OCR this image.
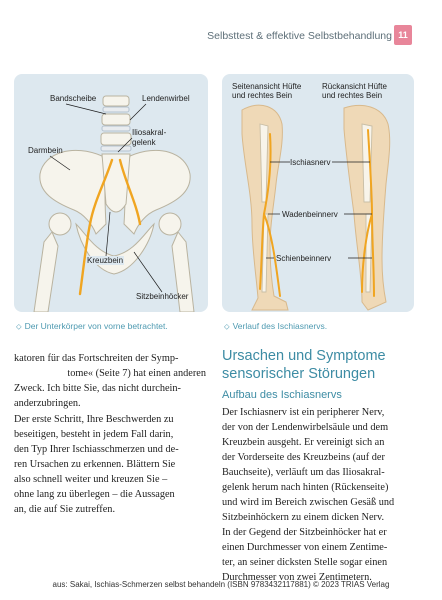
Selbsttest & effektive Selbstbehandlung 11
Bandscheibe	Lendenwirbel
Iliosakral-
gelenk
Darmbein
Kreuzbein
Sitzbeinhöcker
Seitenansicht Hüfte
und rechtes Bein
Rückansicht Hüfte
und rechtes Bein
Ischiasnerv
Wadenbeinnerv
Schienbeinnerv
⬦ Der Unterkörper von vorne betrachtet.	⬦ Verlauf des Ischiasnervs.
katoren für das Fortschreiten der Symp-
tome« (Seite 7) hat einen anderen
Zweck. Ich bitte Sie, das nicht durchein-
anderzubringen.
Der erste Schritt, Ihre Beschwerden zu
beseitigen, besteht in jedem Fall darin,
den Typ Ihrer Ischiasschmerzen und de-
ren Ursachen zu erkennen. Blättern Sie
also schnell weiter und kreuzen Sie –
ohne lang zu überlegen – die Aussagen
an, die auf Sie zutreffen.
Ursachen und Symptome
sensorischer Störungen
Aufbau des Ischiasnervs
Der Ischiasnerv ist ein peripherer Nerv,
der von der Lendenwirbelsäule und dem
Kreuzbein ausgeht. Er vereinigt sich an
der Vorderseite des Kreuzbeins (auf der
Bauchseite), verläuft um das Iliosakral-
gelenk herum nach hinten (Rückenseite)
und wird im Bereich zwischen Gesäß und
Sitzbeinhöckern zu einem dicken Nerv.
In der Gegend der Sitzbeinhöcker hat er
einen Durchmesser von einem Zentime-
ter, an seiner dicksten Stelle sogar einen
Durchmesser von zwei Zentimetern.
aus: Sakai, Ischias-Schmerzen selbst behandeln (ISBN 9783432117881) © 2023 TRIAS Verlag
